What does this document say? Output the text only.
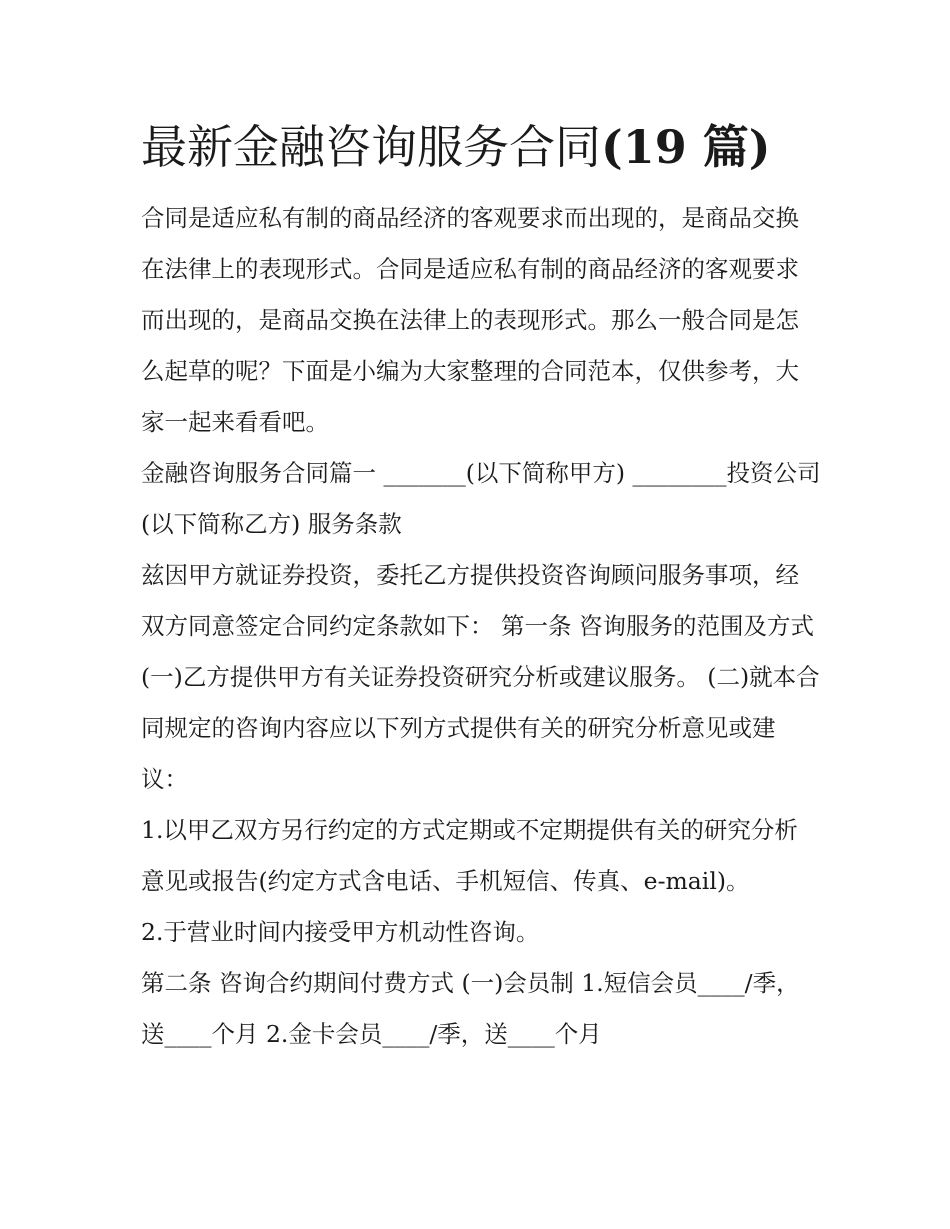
最新金融咨询服务合同(19 篇)

合同是适应私有制的商品经济的客观要求而出现的，是商品交换在法律上的表现形式。合同是适应私有制的商品经济的客观要求而出现的，是商品交换在法律上的表现形式。那么一般合同是怎么起草的呢？下面是小编为大家整理的合同范本，仅供参考，大家一起来看看吧。

金融咨询服务合同篇一 _______(以下简称甲方) ________投资公司(以下简称乙方) 服务条款

兹因甲方就证券投资，委托乙方提供投资咨询顾问服务事项，经双方同意签定合同约定条款如下： 第一条 咨询服务的范围及方式

(一)乙方提供甲方有关证券投资研究分析或建议服务。 (二)就本合同规定的咨询内容应以下列方式提供有关的研究分析意见或建议：

1.以甲乙双方另行约定的方式定期或不定期提供有关的研究分析意见或报告(约定方式含电话、手机短信、传真、e-mail)。

2.于营业时间内接受甲方机动性咨询。

第二条 咨询合约期间付费方式 (一)会员制 1.短信会员____/季，送____个月 2.金卡会员____/季，送____个月
